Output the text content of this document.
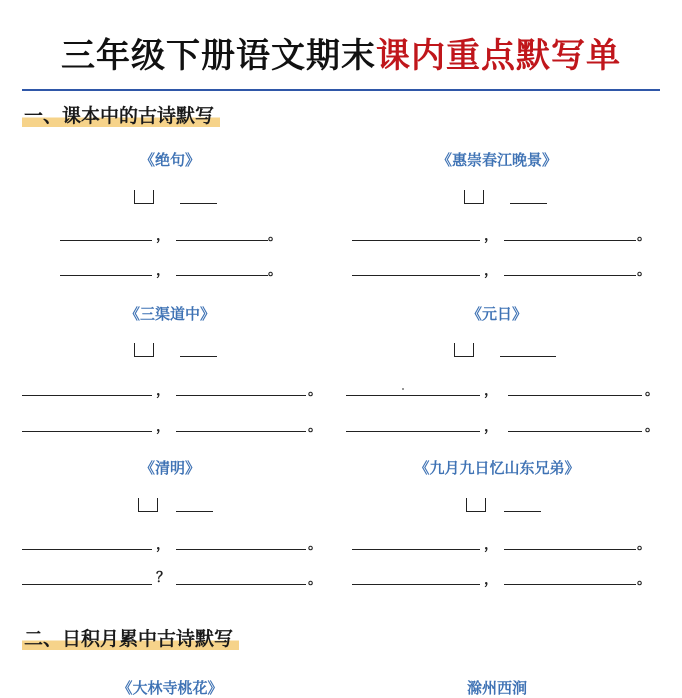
三年级下册语文期末课内重点默写单
一、课本中的古诗默写
《绝句》
，	。
，	。
《惠崇春江晚景》
，	。
，	。
《三渠道中》
，	。
，	。
《元日》
，	。
，	。
《清明》
，	。
？	。
《九月九日忆山东兄弟》
，	。
，	。
二、日积月累中古诗默写
《大林寺桃花》	滁州西涧
